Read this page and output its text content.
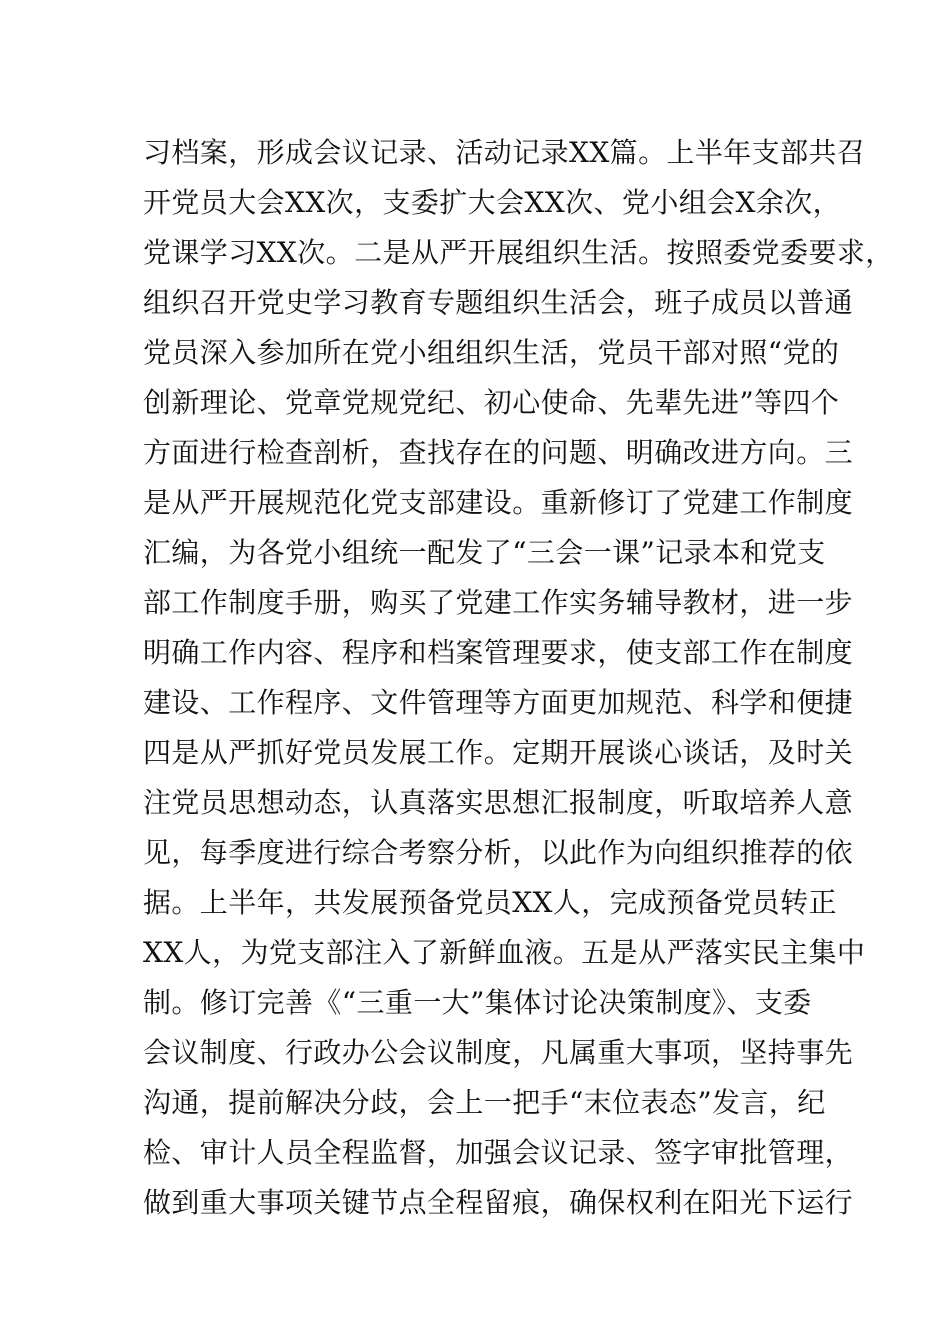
习档案，形成会议记录、活动记录XX篇。上半年支部共召
开党员大会XX次，支委扩大会XX次、党小组会X余次，
党课学习XX次。二是从严开展组织生活。按照委党委要求，
组织召开党史学习教育专题组织生活会，班子成员以普通
党员深入参加所在党小组组织生活，党员干部对照“党的
创新理论、党章党规党纪、初心使命、先辈先进”等四个
方面进行检查剖析，查找存在的问题、明确改进方向。三
是从严开展规范化党支部建设。重新修订了党建工作制度
汇编，为各党小组统一配发了“三会一课”记录本和党支
部工作制度手册，购买了党建工作实务辅导教材，进一步
明确工作内容、程序和档案管理要求，使支部工作在制度
建设、工作程序、文件管理等方面更加规范、科学和便捷
四是从严抓好党员发展工作。定期开展谈心谈话，及时关
注党员思想动态，认真落实思想汇报制度，听取培养人意
见，每季度进行综合考察分析，以此作为向组织推荐的依
据。上半年，共发展预备党员XX人，完成预备党员转正
XX人，为党支部注入了新鲜血液。五是从严落实民主集中
制。修订完善《“三重一大”集体讨论决策制度》、支委
会议制度、行政办公会议制度，凡属重大事项，坚持事先
沟通，提前解决分歧，会上一把手“末位表态”发言，纪
检、审计人员全程监督，加强会议记录、签字审批管理，
做到重大事项关键节点全程留痕，确保权利在阳光下运行
